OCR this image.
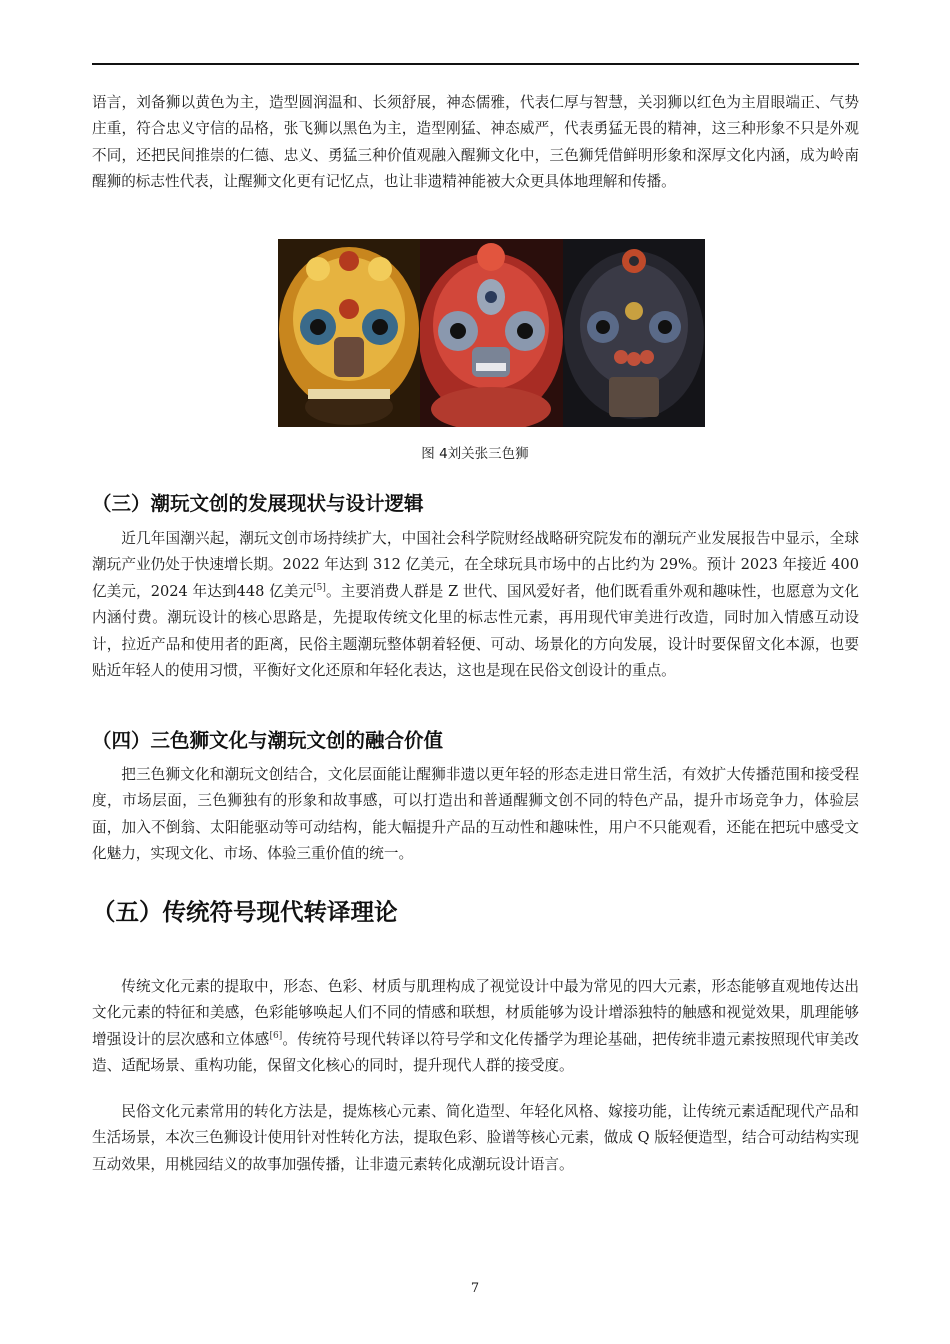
语言，刘备狮以黄色为主，造型圆润温和、长须舒展，神态儒雅，代表仁厚与智慧，关羽狮以红色为主眉眼端正、气势庄重，符合忠义守信的品格，张飞狮以黑色为主，造型刚猛、神态威严，代表勇猛无畏的精神，这三种形象不只是外观不同，还把民间推崇的仁德、忠义、勇猛三种价值观融入醒狮文化中，三色狮凭借鲜明形象和深厚文化内涵，成为岭南醒狮的标志性代表，让醒狮文化更有记忆点，也让非遗精神能被大众更具体地理解和传播。

图 4刘关张三色狮
（三）潮玩文创的发展现状与设计逻辑

近几年国潮兴起，潮玩文创市场持续扩大，中国社会科学院财经战略研究院发布的潮玩产业发展报告中显示，全球潮玩产业仍处于快速增长期。2022 年达到 312 亿美元，在全球玩具市场中的占比约为 29%。预计 2023 年接近 400 亿美元，2024 年达到448 亿美元[5]。主要消费人群是 Z 世代、国风爱好者，他们既看重外观和趣味性，也愿意为文化内涵付费。潮玩设计的核心思路是，先提取传统文化里的标志性元素，再用现代审美进行改造，同时加入情感互动设计，拉近产品和使用者的距离，民俗主题潮玩整体朝着轻便、可动、场景化的方向发展，设计时要保留文化本源，也要贴近年轻人的使用习惯，平衡好文化还原和年轻化表达，这也是现在民俗文创设计的重点。

（四）三色狮文化与潮玩文创的融合价值

把三色狮文化和潮玩文创结合，文化层面能让醒狮非遗以更年轻的形态走进日常生活，有效扩大传播范围和接受程度，市场层面，三色狮独有的形象和故事感，可以打造出和普通醒狮文创不同的特色产品，提升市场竞争力，体验层面，加入不倒翁、太阳能驱动等可动结构，能大幅提升产品的互动性和趣味性，用户不只能观看，还能在把玩中感受文化魅力，实现文化、市场、体验三重价值的统一。

（五）传统符号现代转译理论

传统文化元素的提取中，形态、色彩、材质与肌理构成了视觉设计中最为常见的四大元素，形态能够直观地传达出文化元素的特征和美感，色彩能够唤起人们不同的情感和联想，材质能够为设计增添独特的触感和视觉效果，肌理能够增强设计的层次感和立体感[6]。传统符号现代转译以符号学和文化传播学为理论基础，把传统非遗元素按照现代审美改造、适配场景、重构功能，保留文化核心的同时，提升现代人群的接受度。

民俗文化元素常用的转化方法是，提炼核心元素、简化造型、年轻化风格、嫁接功能，让传统元素适配现代产品和生活场景，本次三色狮设计使用针对性转化方法，提取色彩、脸谱等核心元素，做成 Q 版轻便造型，结合可动结构实现互动效果，用桃园结义的故事加强传播，让非遗元素转化成潮玩设计语言。

7
